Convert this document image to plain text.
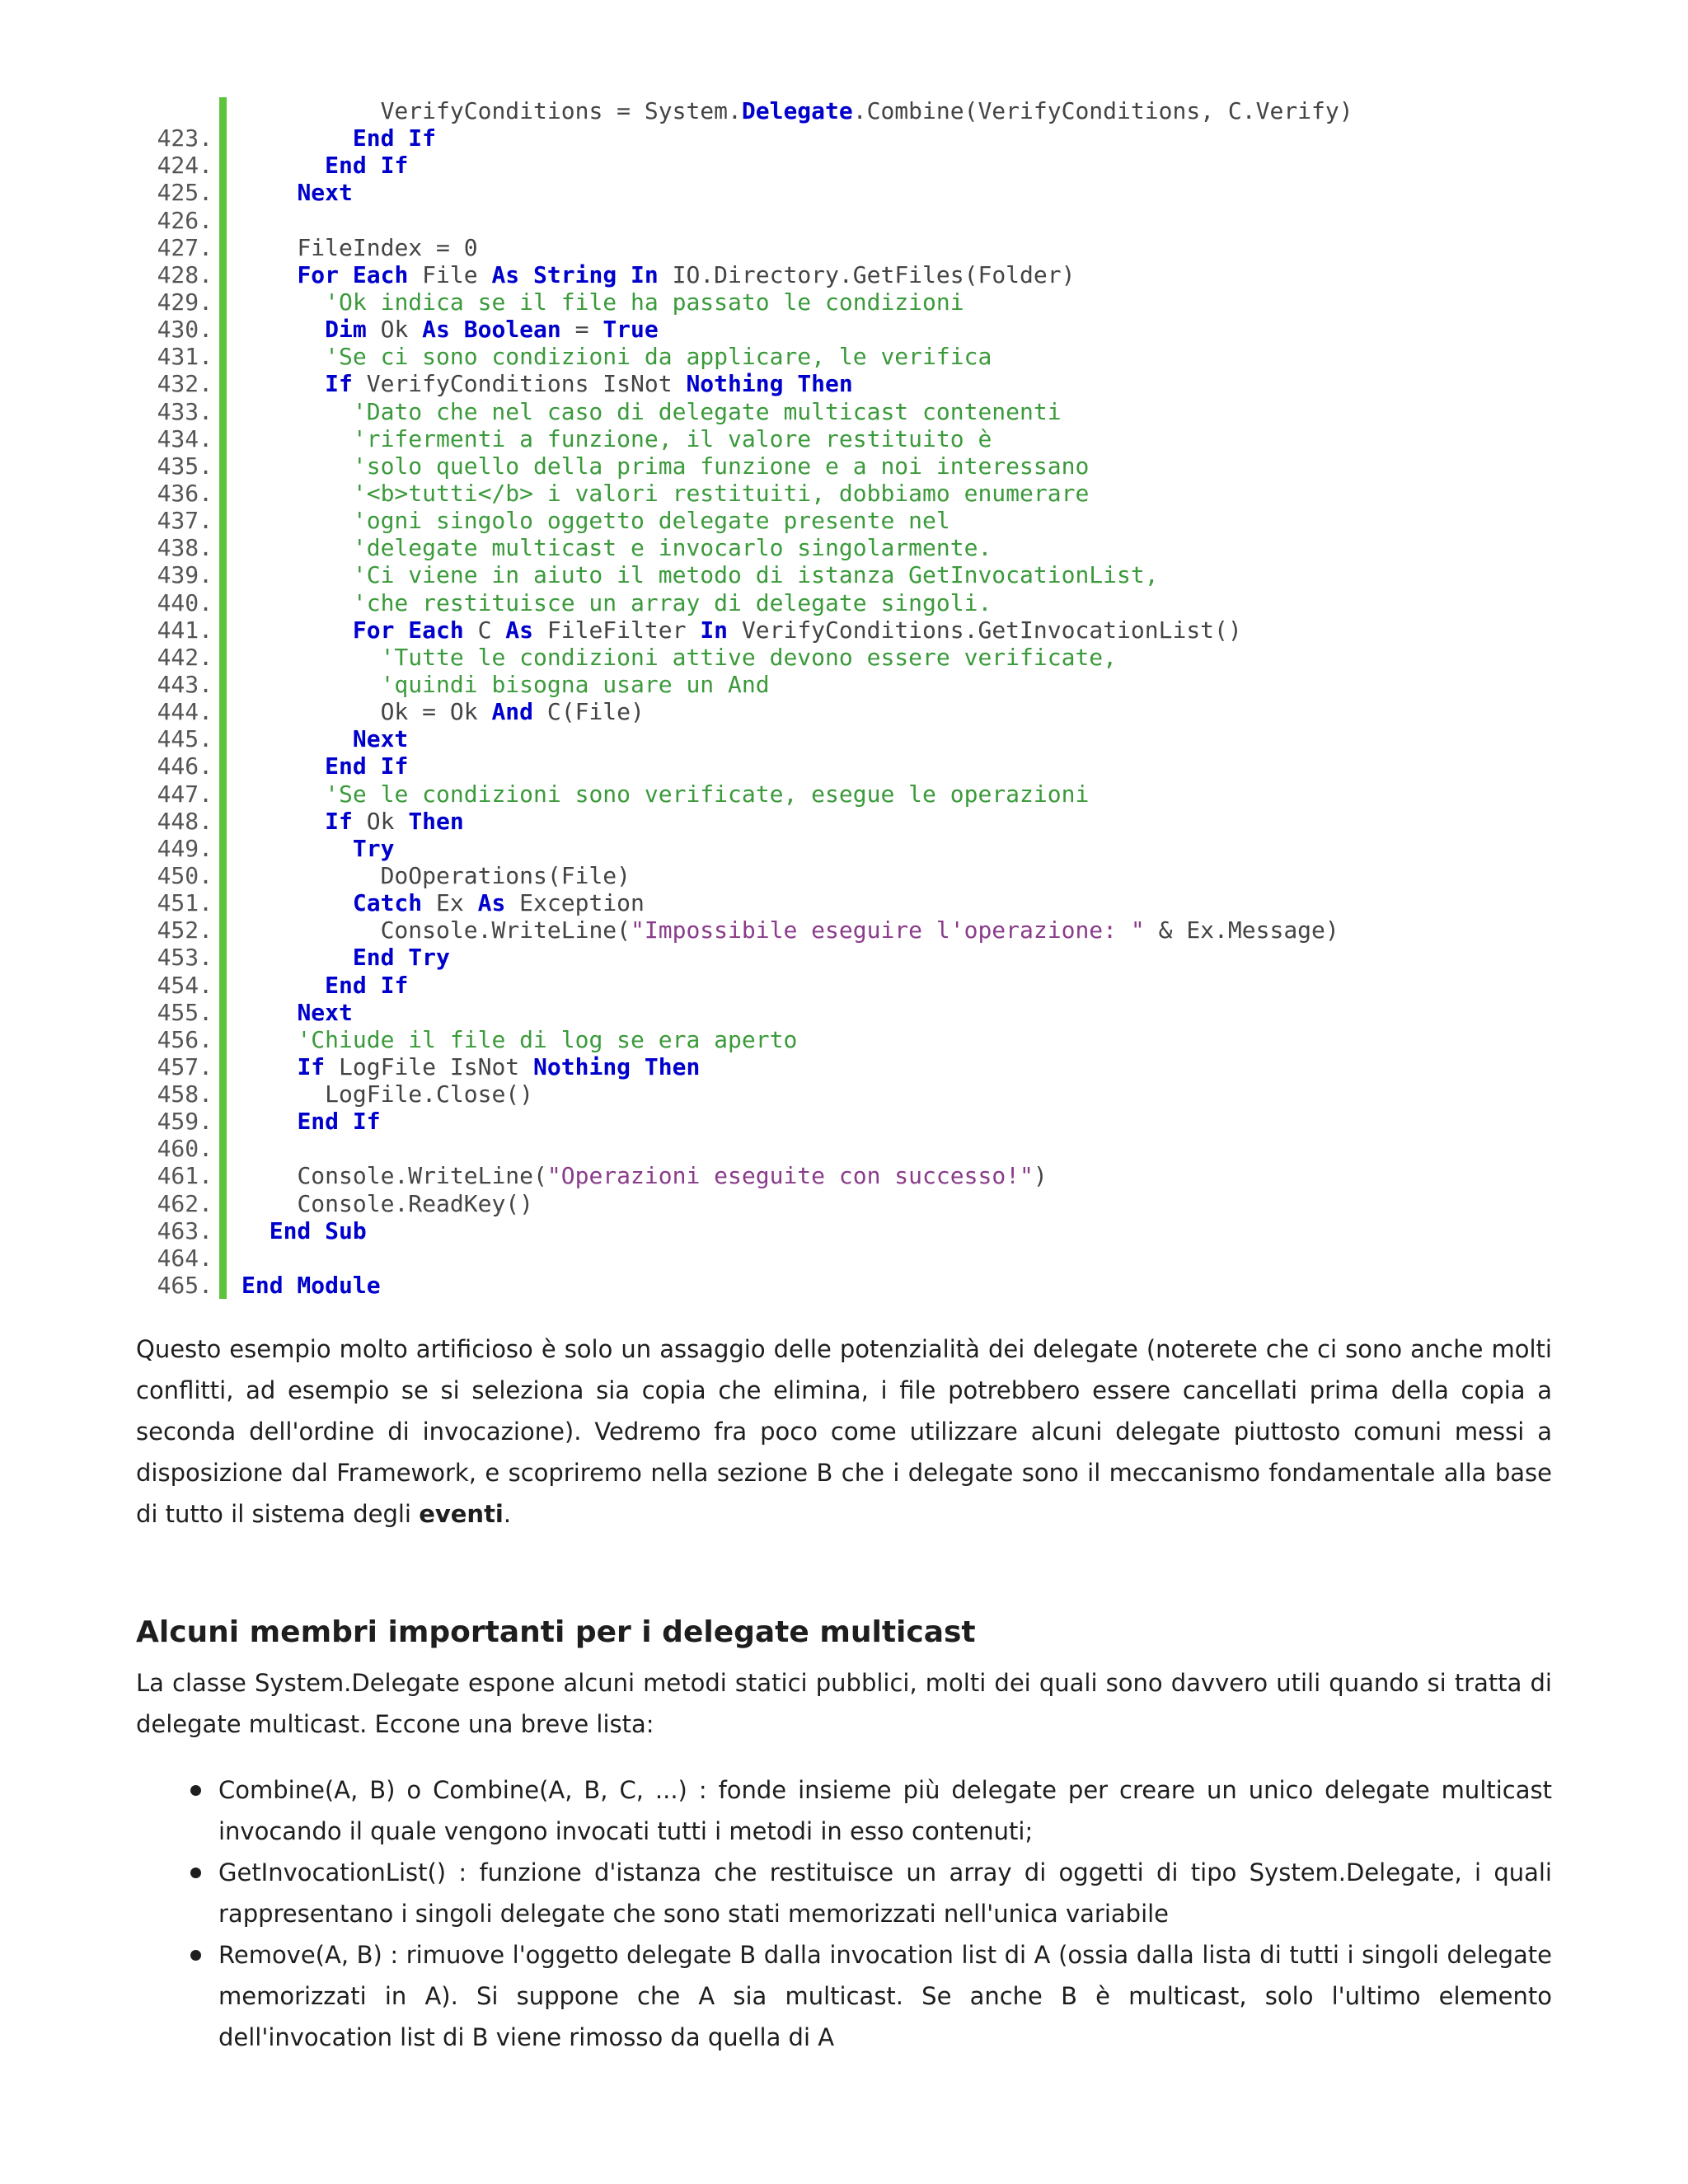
VerifyConditions = System.Delegate.Combine(VerifyConditions, C.Verify)
423.	End If
424.	End If
425.	Next
426.
427.	FileIndex = 0
428.	For Each File As String In IO.Directory.GetFiles(Folder)
429.	'Ok indica se il file ha passato le condizioni
430.	Dim Ok As Boolean = True
431.	'Se ci sono condizioni da applicare, le verifica
432.	If VerifyConditions IsNot Nothing Then
433.	'Dato che nel caso di delegate multicast contenenti
434.	'rifermenti a funzione, il valore restituito è
435.	'solo quello della prima funzione e a noi interessano
436.	'<b>tutti</b> i valori restituiti, dobbiamo enumerare
437.	'ogni singolo oggetto delegate presente nel
438.	'delegate multicast e invocarlo singolarmente.
439.	'Ci viene in aiuto il metodo di istanza GetInvocationList,
440.	'che restituisce un array di delegate singoli.
441.	For Each C As FileFilter In VerifyConditions.GetInvocationList()
442.	'Tutte le condizioni attive devono essere verificate,
443.	'quindi bisogna usare un And
444.	Ok = Ok And C(File)
445.	Next
446.	End If
447.	'Se le condizioni sono verificate, esegue le operazioni
448.	If Ok Then
449.	Try
450.	DoOperations(File)
451.	Catch Ex As Exception
452.	Console.WriteLine("Impossibile eseguire l'operazione: " & Ex.Message)
453.	End Try
454.	End If
455.	Next
456.	'Chiude il file di log se era aperto
457.	If LogFile IsNot Nothing Then
458.	LogFile.Close()
459.	End If
460.
461.	Console.WriteLine("Operazioni eseguite con successo!")
462.	Console.ReadKey()
463.	End Sub
464.
465. End Module

Questo esempio molto artificioso è solo un assaggio delle potenzialità dei delegate (noterete che ci sono anche molti conflitti, ad esempio se si seleziona sia copia che elimina, i file potrebbero essere cancellati prima della copia a seconda dell'ordine di invocazione). Vedremo fra poco come utilizzare alcuni delegate piuttosto comuni messi a disposizione dal Framework, e scopriremo nella sezione B che i delegate sono il meccanismo fondamentale alla base di tutto il sistema degli eventi.

Alcuni membri importanti per i delegate multicast

La classe System.Delegate espone alcuni metodi statici pubblici, molti dei quali sono davvero utili quando si tratta di delegate multicast. Eccone una breve lista:

Combine(A, B) o Combine(A, B, C, ...) : fonde insieme più delegate per creare un unico delegate multicast invocando il quale vengono invocati tutti i metodi in esso contenuti;
GetInvocationList() : funzione d'istanza che restituisce un array di oggetti di tipo System.Delegate, i quali rappresentano i singoli delegate che sono stati memorizzati nell'unica variabile
Remove(A, B) : rimuove l'oggetto delegate B dalla invocation list di A (ossia dalla lista di tutti i singoli delegate memorizzati in A). Si suppone che A sia multicast. Se anche B è multicast, solo l'ultimo elemento dell'invocation list di B viene rimosso da quella di A
